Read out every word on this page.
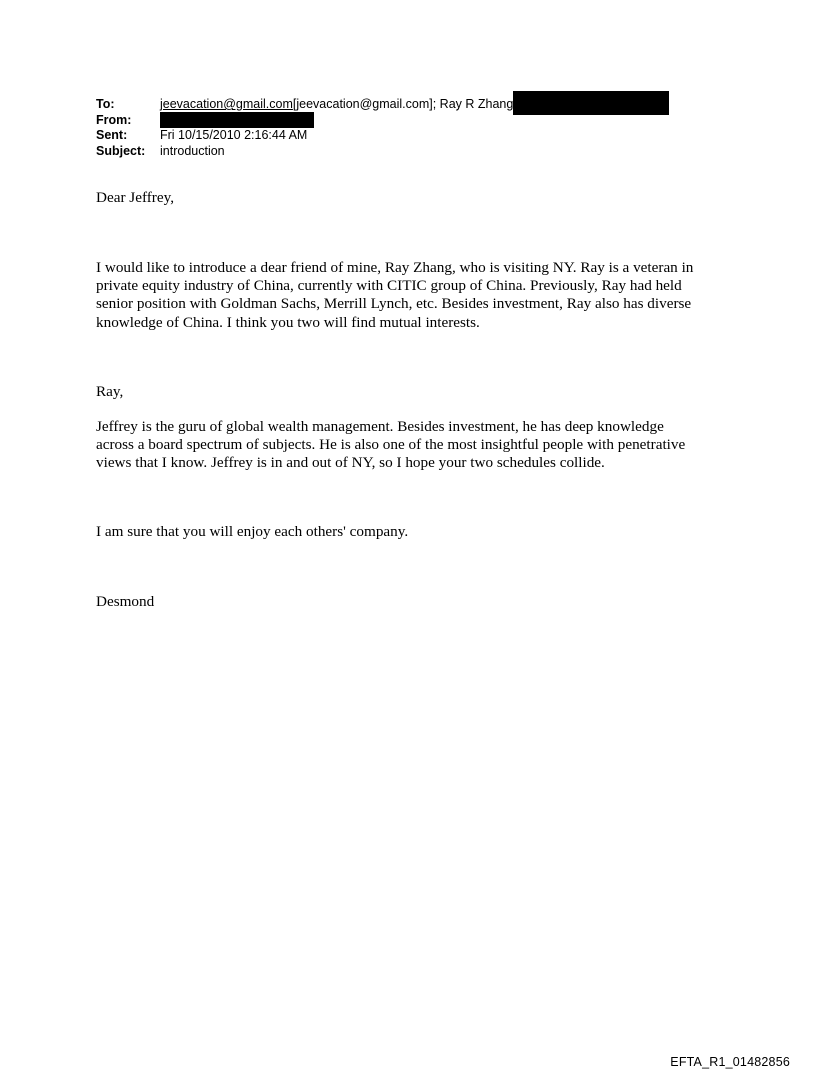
To:	jeevacation@gmail.com [jeevacation@gmail.com]; Ray R Zhang
From:
Sent:	Fri 10/15/2010 2:16:44 AM
Subject:	introduction

Dear Jeffrey,

I would like to introduce a dear friend of mine, Ray Zhang, who is visiting NY. Ray is a veteran in
private equity industry of China, currently with CITIC group of China. Previously, Ray had held
senior position with Goldman Sachs, Merrill Lynch, etc. Besides investment, Ray also has diverse
knowledge of China. I think you two will find mutual interests.

Ray,

Jeffrey is the guru of global wealth management. Besides investment, he has deep knowledge
across a board spectrum of subjects. He is also one of the most insightful people with penetrative
views that I know. Jeffrey is in and out of NY, so I hope your two schedules collide.

I am sure that you will enjoy each others' company.

Desmond

EFTA_R1_01482856
